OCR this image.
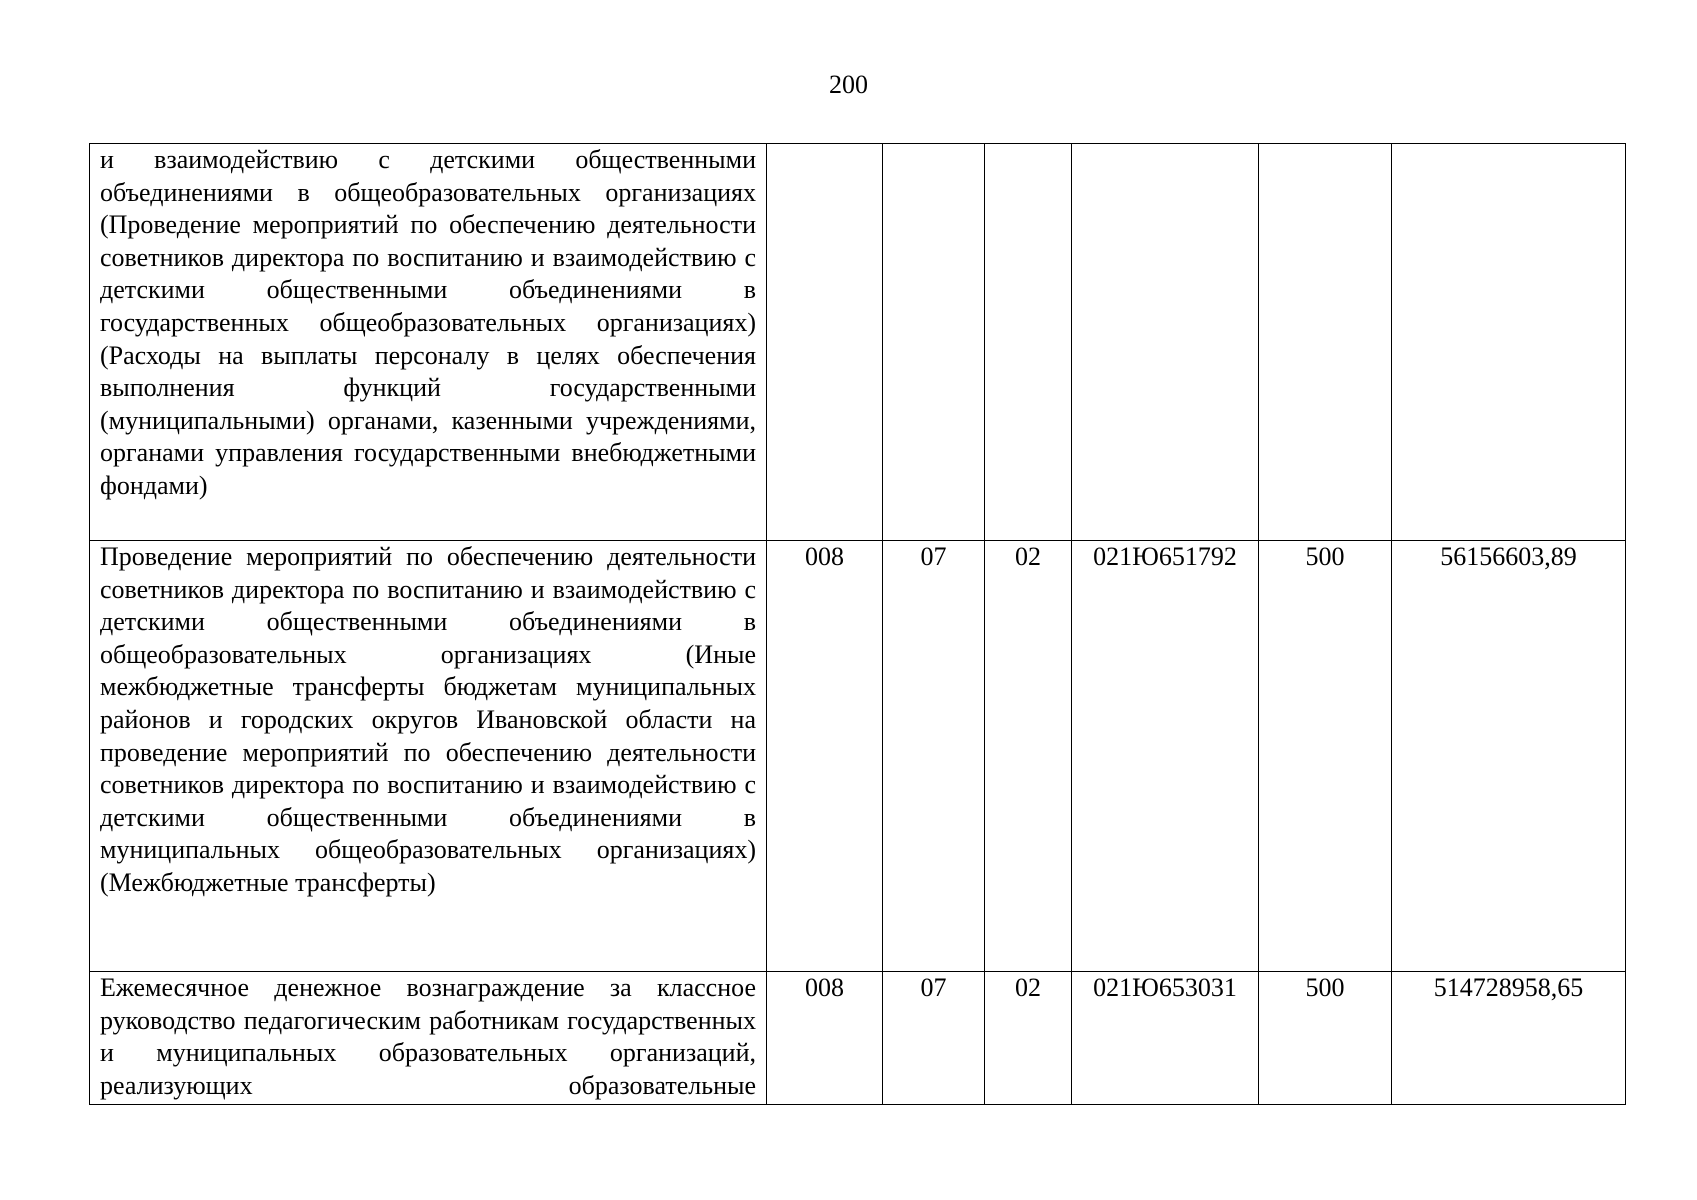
200
и взаимодействию с детскими общественными объединениями в общеобразовательных организациях (Проведение мероприятий по обеспечению деятельности советников директора по воспитанию и взаимодействию с детскими общественными объединениями в государственных общеобразовательных организациях) (Расходы на выплаты персоналу в целях обеспечения выполнения функций государственными (муниципальными) органами, казенными учреждениями, органами управления государственными внебюджетными фондами)						
Проведение мероприятий по обеспечению деятельности советников директора по воспитанию и взаимодействию с детскими общественными объединениями в общеобразовательных организациях (Иные межбюджетные трансферты бюджетам муниципальных районов и городских округов Ивановской области на проведение мероприятий по обеспечению деятельности советников директора по воспитанию и взаимодействию с детскими общественными объединениями в муниципальных общеобразовательных организациях) (Межбюджетные трансферты)	008	07	02	021Ю651792	500	56156603,89
Ежемесячное денежное вознаграждение за классное руководство педагогическим работникам государственных и муниципальных образовательных организаций, реализующих образовательные	008	07	02	021Ю653031	500	514728958,65
